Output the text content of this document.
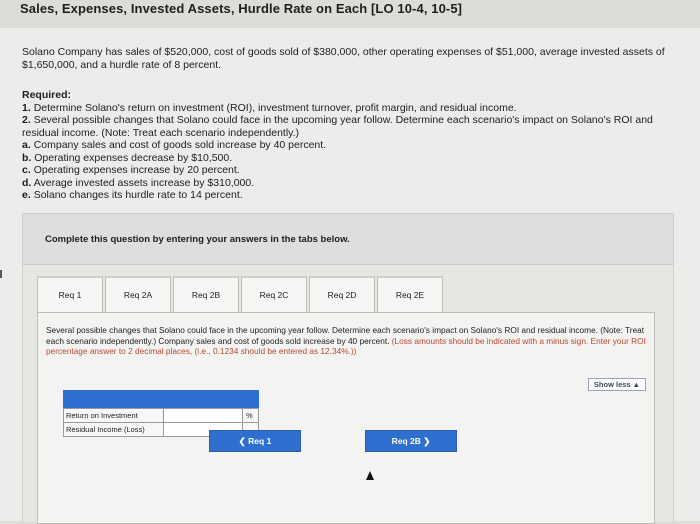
Sales, Expenses, Invested Assets, Hurdle Rate on Each [LO 10-4, 10-5]
Solano Company has sales of $520,000, cost of goods sold of $380,000, other operating expenses of $51,000, average invested assets of $1,650,000, and a hurdle rate of 8 percent.
Required:
1. Determine Solano's return on investment (ROI), investment turnover, profit margin, and residual income.
2. Several possible changes that Solano could face in the upcoming year follow. Determine each scenario's impact on Solano's ROI and residual income. (Note: Treat each scenario independently.)
a. Company sales and cost of goods sold increase by 40 percent.
b. Operating expenses decrease by $10,500.
c. Operating expenses increase by 20 percent.
d. Average invested assets increase by $310,000.
e. Solano changes its hurdle rate to 14 percent.
Complete this question by entering your answers in the tabs below.
Req 1	Req 2A	Req 2B	Req 2C	Req 2D	Req 2E
Several possible changes that Solano could face in the upcoming year follow. Determine each scenario's impact on Solano's ROI and residual income. (Note: Treat each scenario independently.) Company sales and cost of goods sold increase by 40 percent. (Loss amounts should be indicated with a minus sign. Enter your ROI percentage answer to 2 decimal places, (i.e., 0.1234 should be entered as 12.34%.))
Show less ▲
Return on Investment	%
Residual Income (Loss)
❮ Req 1	Req 2B ❯
